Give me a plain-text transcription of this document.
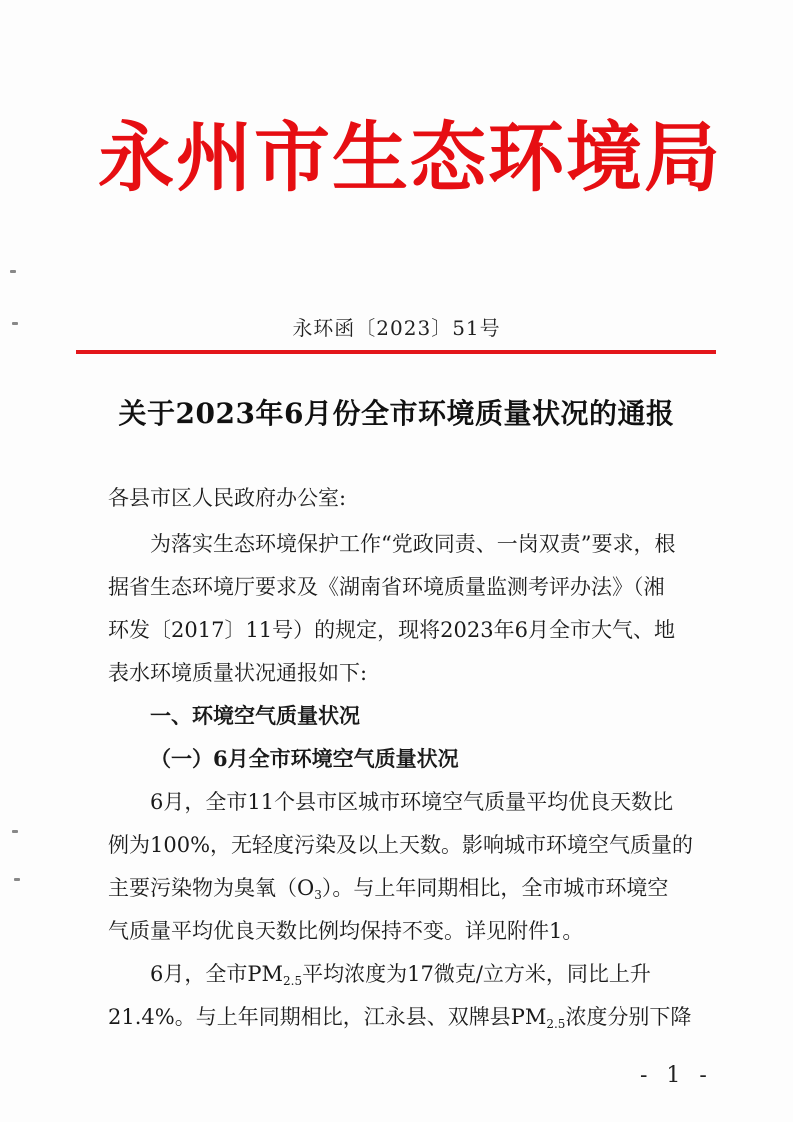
永州市生态环境局
永环函〔2023〕51号
关于2023年6月份全市环境质量状况的通报
各县市区人民政府办公室:
为落实生态环境保护工作“党政同责、一岗双责”要求，根
据省生态环境厅要求及《湖南省环境质量监测考评办法》（湘
环发〔2017〕11号）的规定，现将2023年6月全市大气、地
表水环境质量状况通报如下:
一、环境空气质量状况
（一）6月全市环境空气质量状况
6月，全市11个县市区城市环境空气质量平均优良天数比
例为100%，无轻度污染及以上天数。影响城市环境空气质量的
主要污染物为臭氧$(O_3)$。与上年同期相比，全市城市环境空
气质量平均优良天数比例均保持不变。详见附件1。
6月，全市$PM_{2.5}$平均浓度为17微克/立方米，同比上升
21.4%。与上年同期相比，江永县、双牌县$PM_{2.5}$浓度分别下降
- 1 -
